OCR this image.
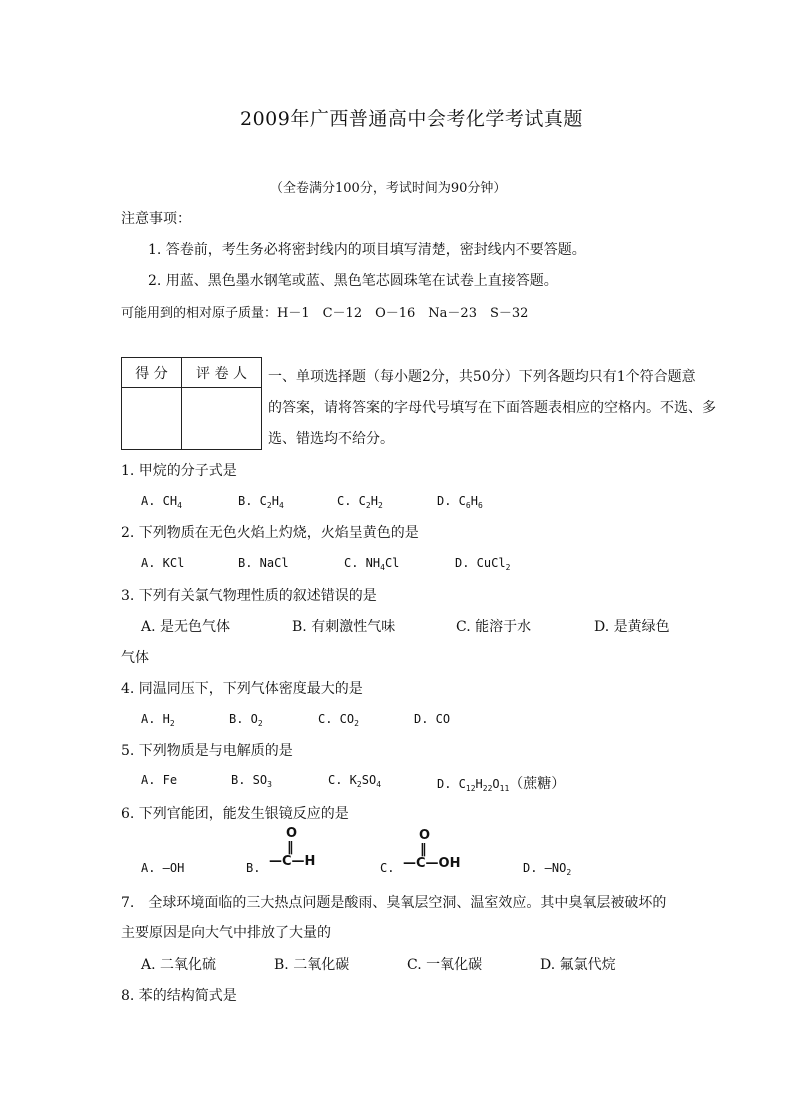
2009年广西普通高中会考化学考试真题
（全卷满分100分，考试时间为90分钟）
注意事项：
1. 答卷前，考生务必将密封线内的项目填写清楚，密封线内不要答题。
2. 用蓝、黑色墨水钢笔或蓝、黑色笔芯圆珠笔在试卷上直接答题。
可能用到的相对原子质量：H－1　C－12　O－16　Na－23　S－32
得 分	评 卷 人
	一、单项选择题（每小题2分，共50分）下列各题均只有1个符合题意
的答案，请将答案的字母代号填写在下面答题表相应的空格内。不选、多
选、错选均不给分。
1. 甲烷的分子式是
A. $CH_4$	B. $C_2H_4$	C. $C_2H_2$	D. $C_6H_6$
2. 下列物质在无色火焰上灼烧，火焰呈黄色的是
A. KCl	B. NaCl	C. $NH_4Cl$	D. CuCl$_2$
3. 下列有关氯气物理性质的叙述错误的是
A. 是无色气体	B. 有刺激性气味	C. 能溶于水	D. 是黄绿色
气体
4. 同温同压下，下列气体密度最大的是
A. $H_2$	B. $O_2$	C. $CO_2$	D. CO
5. 下列物质是与电解质的是
A. Fe	B. $SO_3$	C. $K_2SO_4$	D. $C_{12}H_{22}O_{11}$（蔗糖）
6. 下列官能团，能发生银镜反应的是
A. —OH	B.
O
‖
—C—H	C.
O
‖
—C—OH	D. $—NO_2$
7.　全球环境面临的三大热点问题是酸雨、臭氧层空洞、温室效应。其中臭氧层被破坏的
主要原因是向大气中排放了大量的
A. 二氧化硫	B. 二氧化碳	C. 一氧化碳	D. 氟氯代烷
8. 苯的结构简式是
